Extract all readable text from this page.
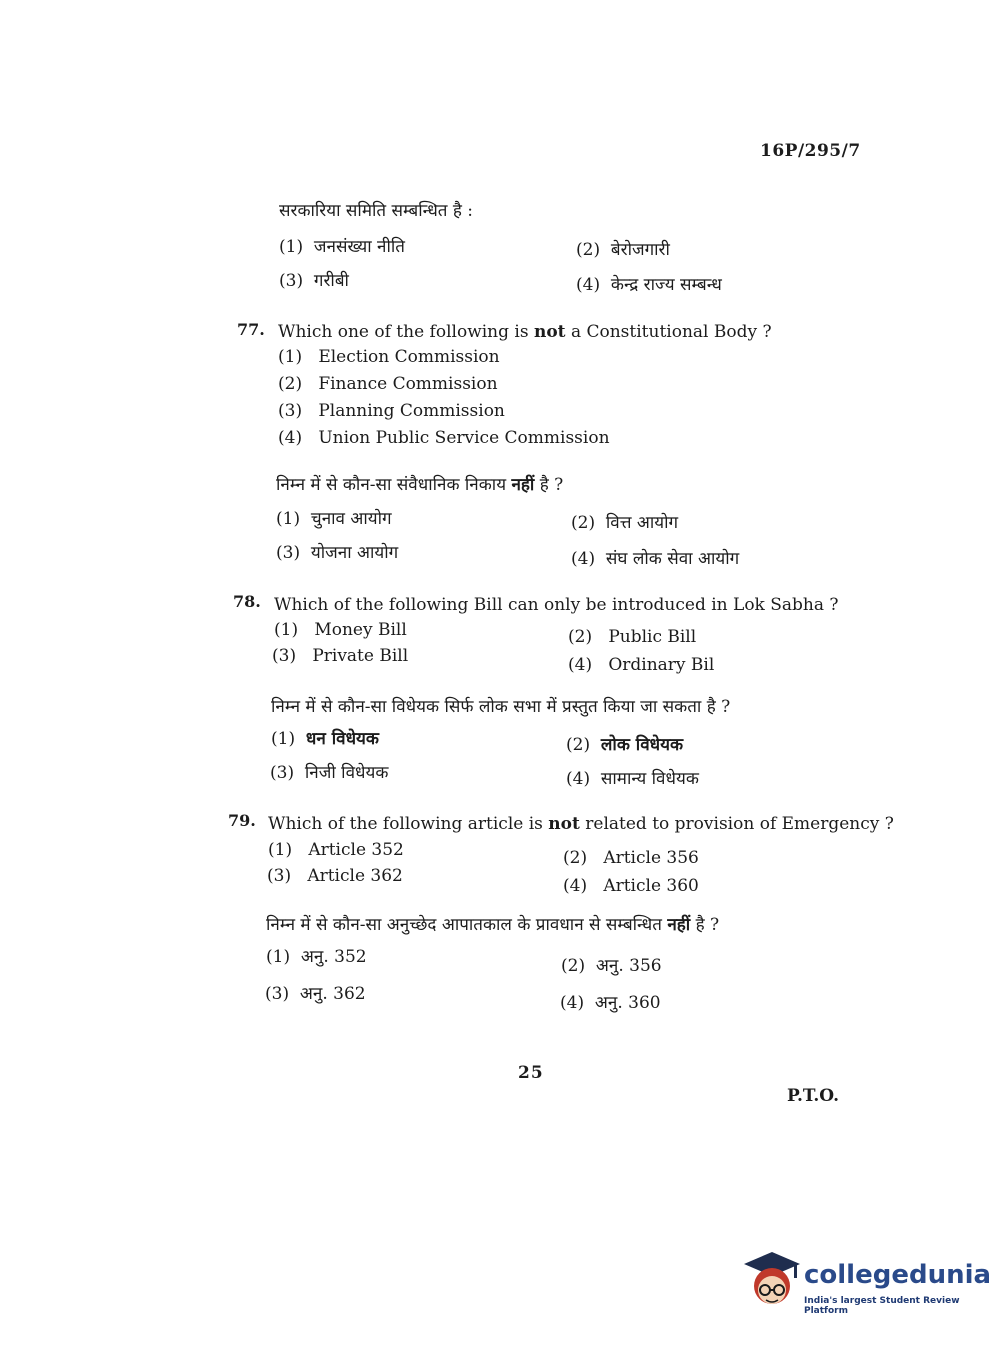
16P/295/7
सरकारिया समिति सम्बन्धित है :
(1) जनसंख्या नीति	(2) बेरोजगारी
(3) गरीबी	(4) केन्द्र राज्य सम्बन्ध
77. Which one of the following is not a Constitutional Body ?
(1) Election Commission
(2) Finance Commission
(3) Planning Commission
(4) Union Public Service Commission
निम्न में से कौन-सा संवैधानिक निकाय नहीं है ?
(1) चुनाव आयोग	(2) वित्त आयोग
(3) योजना आयोग	(4) संघ लोक सेवा आयोग
78. Which of the following Bill can only be introduced in Lok Sabha ?
(1) Money Bill	(2) Public Bill
(3) Private Bill	(4) Ordinary Bil
निम्न में से कौन-सा विधेयक सिर्फ लोक सभा में प्रस्तुत किया जा सकता है ?
(1) धन विधेयक	(2) लोक विधेयक
(3) निजी विधेयक	(4) सामान्य विधेयक
79. Which of the following article is not related to provision of Emergency ?
(1) Article 352	(2) Article 356
(3) Article 362	(4) Article 360
निम्न में से कौन-सा अनुच्छेद आपातकाल के प्रावधान से सम्बन्धित नहीं है ?
(1) अनु. 352	(2) अनु. 356
(3) अनु. 362	(4) अनु. 360
25
P.T.O.
collegedunia
India's largest Student Review Platform
